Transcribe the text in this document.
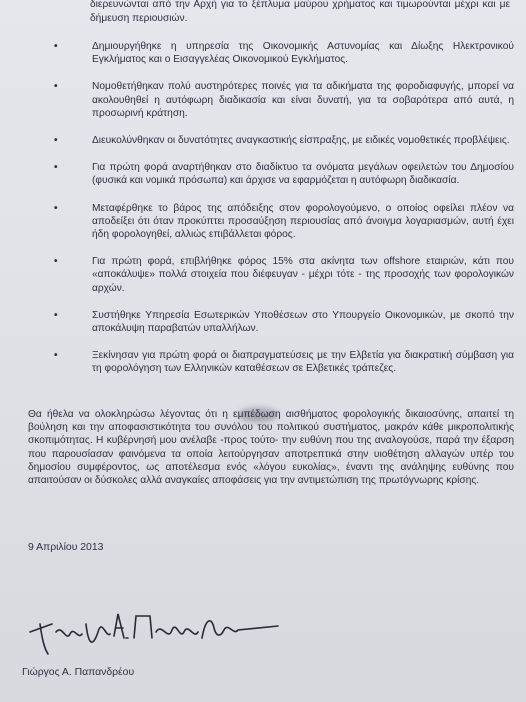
διερευνώνται από την Αρχή για το ξέπλυμα μαύρου χρήματος και τιμωρούνται μέχρι και με δήμευση περιουσιών.
•	Δημιουργήθηκε η υπηρεσία της Οικονομικής Αστυνομίας και Δίωξης Ηλεκτρονικού Εγκλήματος και ο Εισαγγελέας Οικονομικού Εγκλήματος.
•	Νομοθετήθηκαν πολύ αυστηρότερες ποινές για τα αδικήματα της φοροδιαφυγής, μπορεί να ακολουθηθεί η αυτόφωρη διαδικασία και είναι δυνατή, για τα σοβαρότερα από αυτά, η προσωρινή κράτηση.
•	Διευκολύνθηκαν οι δυνατότητες αναγκαστικής είσπραξης, με ειδικές νομοθετικές προβλέψεις.
•	Για πρώτη φορά αναρτήθηκαν στο διαδίκτυο τα ονόματα μεγάλων οφειλετών του Δημοσίου (φυσικά και νομικά πρόσωπα) και άρχισε να εφαρμόζεται η αυτόφωρη διαδικασία.
•	Μεταφέρθηκε το βάρος της απόδειξης στον φορολογούμενο, ο οποίος οφείλει πλέον να αποδείξει ότι όταν προκύπτει προσαύξηση περιουσίας από άνοιγμα λογαριασμών, αυτή έχει ήδη φορολογηθεί, αλλιώς επιβάλλεται φόρος.
•	Για πρώτη φορά, επιβλήθηκε φόρος 15% στα ακίνητα των offshore εταιριών, κάτι που «αποκάλυψε» πολλά στοιχεία που διέφευγαν - μέχρι τότε - της προσοχής των φορολογικών αρχών.
•	Συστήθηκε Υπηρεσία Εσωτερικών Υποθέσεων στο Υπουργείο Οικονομικών, με σκοπό την αποκάλυψη παραβατών υπαλλήλων.
•	Ξεκίνησαν για πρώτη φορά οι διαπραγματεύσεις με την Ελβετία για διακρατική σύμβαση για τη φορολόγηση των Ελληνικών καταθέσεων σε Ελβετικές τράπεζες.
Θα ήθελα να ολοκληρώσω λέγοντας ότι η εμπέδωση αισθήματος φορολογικής δικαιοσύνης, απαιτεί τη βούληση και την αποφασιστικότητα του συνόλου του πολιτικού συστήματος, μακράν κάθε μικροπολιτικής σκοπιμότητας. Η κυβέρνησή μου ανέλαβε -προς τούτο- την ευθύνη που της αναλογούσε, παρά την έξαρση που παρουσίασαν φαινόμενα τα οποία λειτούργησαν αποτρεπτικά στην υιοθέτηση αλλαγών υπέρ του δημοσίου συμφέροντος, ως αποτέλεσμα ενός «λόγου ευκολίας», έναντι της ανάληψης ευθύνης που απαιτούσαν οι δύσκολες αλλά αναγκαίες αποφάσεις για την αντιμετώπιση της πρωτόγνωρης κρίσης.
9 Απριλίου 2013
Γιώργος Α. Παπανδρέου
